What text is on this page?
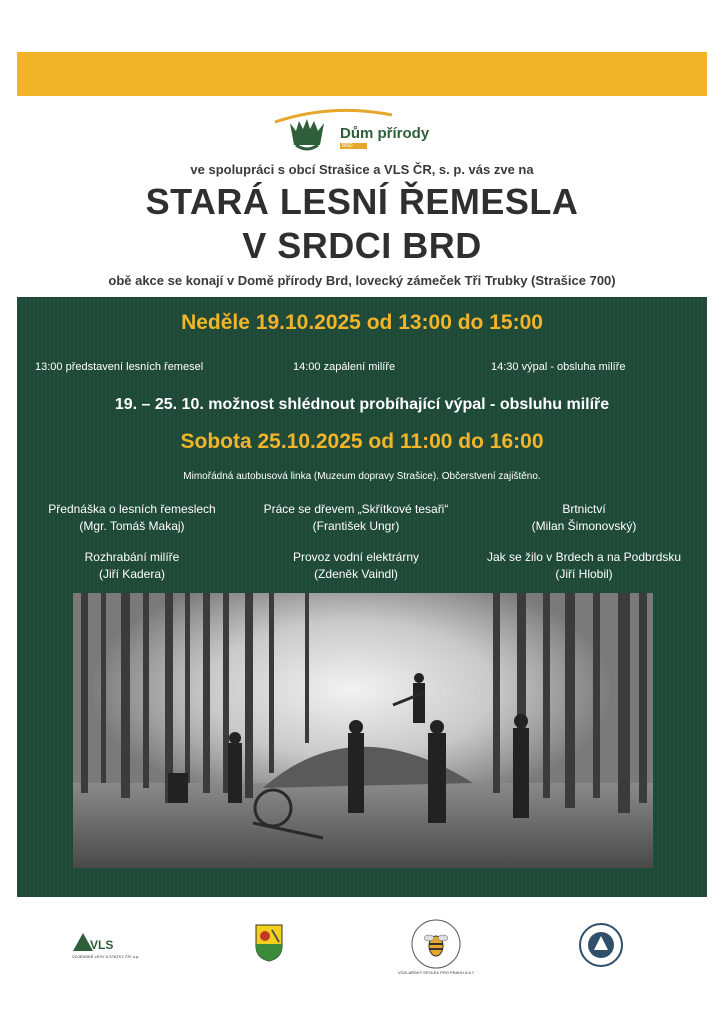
Dům přírody
BRD
ve spolupráci s obcí Strašice a VLS ČR, s. p. vás zve na
STARÁ LESNÍ ŘEMESLA
V SRDCI BRD
obě akce se konají v Domě přírody Brd, lovecký zámeček Tři Trubky (Strašice 700)
Neděle 19.10.2025 od 13:00 do 15:00
13:00 představení lesních řemesel	14:00 zapálení milíře	14:30 výpal - obsluha milíře
19. – 25. 10. možnost shlédnout probíhající výpal - obsluhu milíře
Sobota 25.10.2025 od 11:00 do 16:00
Mimořádná autobusová linka (Muzeum dopravy Strašice). Občerstvení zajištěno.
Přednáška o lesních řemeslech
(Mgr. Tomáš Makaj)
Práce se dřevem „Skřítkové tesaři“
(František Ungr)
Brtnictví
(Milan Šimonovský)
Rozhrabání milíře
(Jiří Kadera)
Provoz vodní elektrárny
(Zdeněk Vaindl)
Jak se žilo v Brdech a na Podbrdsku
(Jiří Hlobil)
VLS
VOJENSKÉ LESY A STATKY ČR, s.p.
VČELAŘSKÝ SPOLEK PRO PRAHU 6 A 7
